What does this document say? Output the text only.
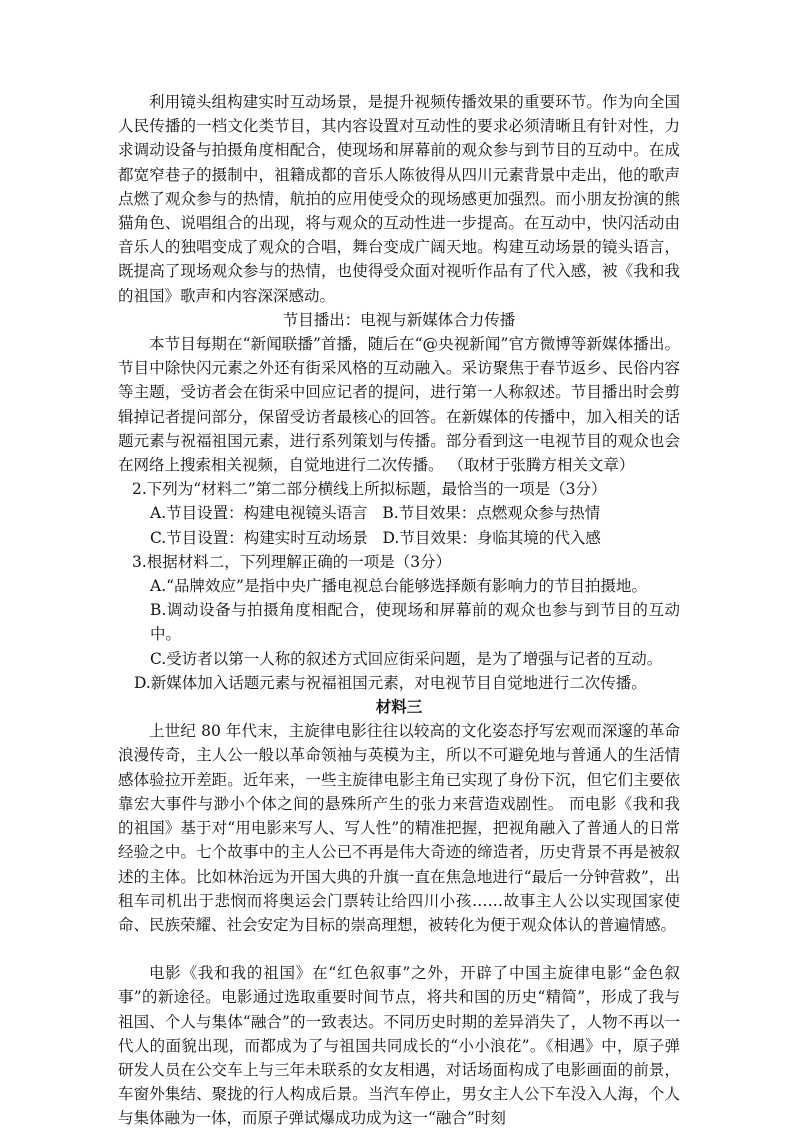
利用镜头组构建实时互动场景，是提升视频传播效果的重要环节。作为向全国人民传播的一档文化类节目，其内容设置对互动性的要求必须清晰且有针对性，力求调动设备与拍摄角度相配合，使现场和屏幕前的观众参与到节目的互动中。在成都宽窄巷子的摄制中，祖籍成都的音乐人陈彼得从四川元素背景中走出，他的歌声点燃了观众参与的热情，航拍的应用使受众的现场感更加强烈。而小朋友扮演的熊猫角色、说唱组合的出现，将与观众的互动性进一步提高。在互动中，快闪活动由音乐人的独唱变成了观众的合唱，舞台变成广阔天地。构建互动场景的镜头语言，既提高了现场观众参与的热情，也使得受众面对视听作品有了代入感，被《我和我的祖国》歌声和内容深深感动。

节目播出：电视与新媒体合力传播

本节目每期在“新闻联播”首播，随后在“@央视新闻”官方微博等新媒体播出。节目中除快闪元素之外还有街采风格的互动融入。采访聚焦于春节返乡、民俗内容等主题，受访者会在街采中回应记者的提问，进行第一人称叙述。节目播出时会剪辑掉记者提问部分，保留受访者最核心的回答。在新媒体的传播中，加入相关的话题元素与祝福祖国元素，进行系列策划与传播。部分看到这一电视节目的观众也会在网络上搜索相关视频，自觉地进行二次传播。 （取材于张腾方相关文章）

2.下列为“材料二”第二部分横线上所拟标题，最恰当的一项是（3分）

A.节目设置：构建电视镜头语言   B.节目效果：点燃观众参与热情

C.节目设置：构建实时互动场景   D.节目效果：身临其境的代入感

3.根据材料二，下列理解正确的一项是（3分）

A.“品牌效应”是指中央广播电视总台能够选择颇有影响力的节目拍摄地。

B.调动设备与拍摄角度相配合，使现场和屏幕前的观众也参与到节目的互动中。

C.受访者以第一人称的叙述方式回应街采问题，是为了增强与记者的互动。

D.新媒体加入话题元素与祝福祖国元素，对电视节目自觉地进行二次传播。

材料三

上世纪 80 年代末，主旋律电影往往以较高的文化姿态抒写宏观而深邃的革命浪漫传奇，主人公一般以革命领袖与英模为主，所以不可避免地与普通人的生活情感体验拉开差距。近年来，一些主旋律电影主角已实现了身份下沉，但它们主要依靠宏大事件与渺小个体之间的悬殊所产生的张力来营造戏剧性。 而电影《我和我的祖国》基于对“用电影来写人、写人性”的精准把握，把视角融入了普通人的日常经验之中。七个故事中的主人公已不再是伟大奇迹的缔造者，历史背景不再是被叙述的主体。比如林治远为开国大典的升旗一直在焦急地进行“最后一分钟营救”，出租车司机出于悲悯而将奥运会门票转让给四川小孩……故事主人公以实现国家使命、民族荣耀、社会安定为目标的崇高理想，被转化为便于观众体认的普遍情感。

电影《我和我的祖国》在“红色叙事”之外，开辟了中国主旋律电影“金色叙事”的新途径。电影通过选取重要时间节点，将共和国的历史“精简”，形成了我与祖国、个人与集体“融合”的一致表达。不同历史时期的差异消失了，人物不再以一代人的面貌出现，而都成为了与祖国共同成长的“小小浪花”。《相遇》中，原子弹研发人员在公交车上与三年未联系的女友相遇，对话场面构成了电影画面的前景，车窗外集结、聚拢的行人构成后景。当汽车停止，男女主人公下车没入人海，个人与集体融为一体，而原子弹试爆成功成为这一“融合”时刻
